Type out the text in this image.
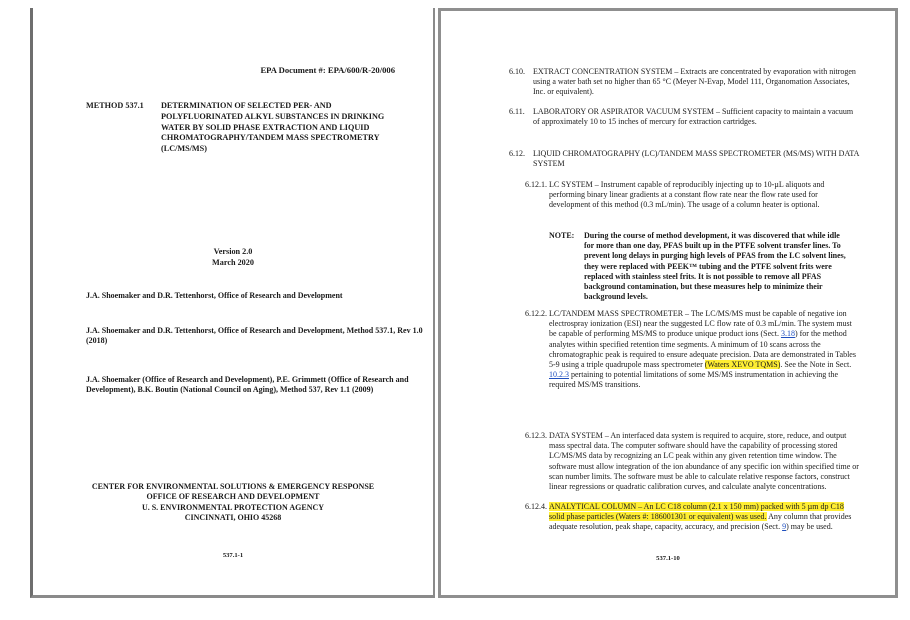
EPA Document #: EPA/600/R-20/006
METHOD 537.1 DETERMINATION OF SELECTED PER- AND
POLYFLUORINATED ALKYL SUBSTANCES IN DRINKING
WATER BY SOLID PHASE EXTRACTION AND LIQUID
CHROMATOGRAPHY/TANDEM MASS SPECTROMETRY
(LC/MS/MS)
Version 2.0
March 2020
J.A. Shoemaker and D.R. Tettenhorst, Office of Research and Development
J.A. Shoemaker and D.R. Tettenhorst, Office of Research and Development, Method 537.1, Rev 1.0 (2018)
J.A. Shoemaker (Office of Research and Development), P.E. Grimmett (Office of Research and Development), B.K. Boutin (National Council on Aging), Method 537, Rev 1.1 (2009)
CENTER FOR ENVIRONMENTAL SOLUTIONS & EMERGENCY RESPONSE
OFFICE OF RESEARCH AND DEVELOPMENT
U. S. ENVIRONMENTAL PROTECTION AGENCY
CINCINNATI, OHIO 45268
537.1-1
6.10. EXTRACT CONCENTRATION SYSTEM – Extracts are concentrated by evaporation with nitrogen using a water bath set no higher than 65 °C (Meyer N-Evap, Model 111, Organomation Associates, Inc. or equivalent).
6.11. LABORATORY OR ASPIRATOR VACUUM SYSTEM – Sufficient capacity to maintain a vacuum of approximately 10 to 15 inches of mercury for extraction cartridges.
6.12. LIQUID CHROMATOGRAPHY (LC)/TANDEM MASS SPECTROMETER (MS/MS) WITH DATA SYSTEM
6.12.1. LC SYSTEM – Instrument capable of reproducibly injecting up to 10-µL aliquots and performing binary linear gradients at a constant flow rate near the flow rate used for development of this method (0.3 mL/min). The usage of a column heater is optional.
NOTE: During the course of method development, it was discovered that while idle for more than one day, PFAS built up in the PTFE solvent transfer lines. To prevent long delays in purging high levels of PFAS from the LC solvent lines, they were replaced with PEEK™ tubing and the PTFE solvent frits were replaced with stainless steel frits. It is not possible to remove all PFAS background contamination, but these measures help to minimize their background levels.
6.12.2. LC/TANDEM MASS SPECTROMETER – The LC/MS/MS must be capable of negative ion electrospray ionization (ESI) near the suggested LC flow rate of 0.3 mL/min. The system must be capable of performing MS/MS to produce unique product ions (Sect. 3.18) for the method analytes within specified retention time segments. A minimum of 10 scans across the chromatographic peak is required to ensure adequate precision. Data are demonstrated in Tables 5-9 using a triple quadrupole mass spectrometer (Waters XEVO TQMS). See the Note in Sect. 10.2.3 pertaining to potential limitations of some MS/MS instrumentation in achieving the required MS/MS transitions.
6.12.3. DATA SYSTEM – An interfaced data system is required to acquire, store, reduce, and output mass spectral data. The computer software should have the capability of processing stored LC/MS/MS data by recognizing an LC peak within any given retention time window. The software must allow integration of the ion abundance of any specific ion within specified time or scan number limits. The software must be able to calculate relative response factors, construct linear regressions or quadratic calibration curves, and calculate analyte concentrations.
6.12.4. ANALYTICAL COLUMN – An LC C18 column (2.1 x 150 mm) packed with 5 µm dp C18 solid phase particles (Waters #: 186001301 or equivalent) was used. Any column that provides adequate resolution, peak shape, capacity, accuracy, and precision (Sect. 9) may be used.
537.1-10
